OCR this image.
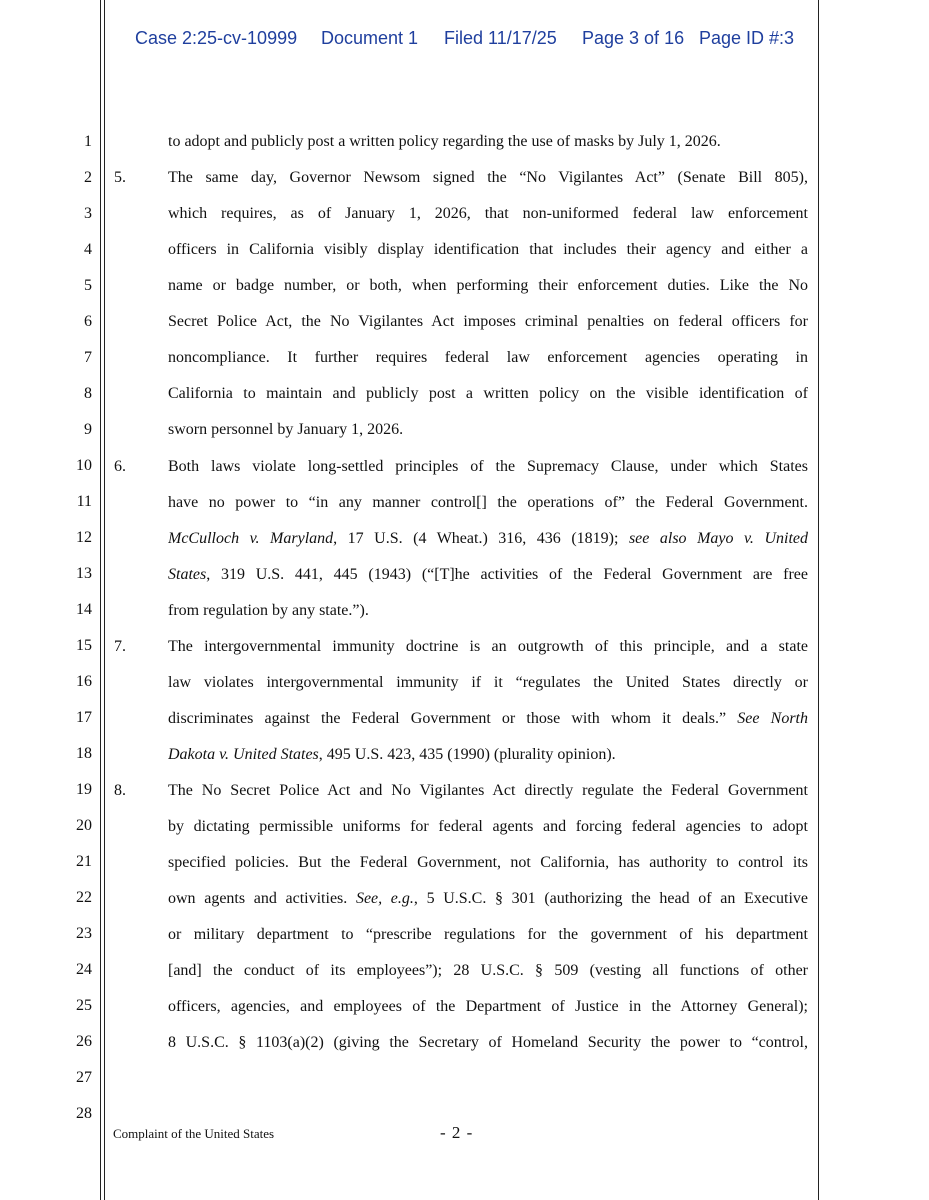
Case 2:25-cv-10999 Document 1 Filed 11/17/25 Page 3 of 16 Page ID #:3
1
2
3
4
5
6
7
8
9
10
11
12
13
14
15
16
17
18
19
20
21
22
23
24
25
26
27
28
5.
6.
7.
8.
to adopt and publicly post a written policy regarding the use of masks by July 1, 2026.
The same day, Governor Newsom signed the “No Vigilantes Act” (Senate Bill 805),
which requires, as of January 1, 2026, that non-uniformed federal law enforcement
officers in California visibly display identification that includes their agency and either a
name or badge number, or both, when performing their enforcement duties. Like the No
Secret Police Act, the No Vigilantes Act imposes criminal penalties on federal officers for
noncompliance. It further requires federal law enforcement agencies operating in
California to maintain and publicly post a written policy on the visible identification of
sworn personnel by January 1, 2026.
Both laws violate long-settled principles of the Supremacy Clause, under which States
have no power to “in any manner control[] the operations of” the Federal Government.
McCulloch v. Maryland, 17 U.S. (4 Wheat.) 316, 436 (1819); see also Mayo v. United
States, 319 U.S. 441, 445 (1943) (“[T]he activities of the Federal Government are free
from regulation by any state.”).
The intergovernmental immunity doctrine is an outgrowth of this principle, and a state
law violates intergovernmental immunity if it “regulates the United States directly or
discriminates against the Federal Government or those with whom it deals.” See North
Dakota v. United States, 495 U.S. 423, 435 (1990) (plurality opinion).
The No Secret Police Act and No Vigilantes Act directly regulate the Federal Government
by dictating permissible uniforms for federal agents and forcing federal agencies to adopt
specified policies. But the Federal Government, not California, has authority to control its
own agents and activities. See, e.g., 5 U.S.C. § 301 (authorizing the head of an Executive
or military department to “prescribe regulations for the government of his department
[and] the conduct of its employees”); 28 U.S.C. § 509 (vesting all functions of other
officers, agencies, and employees of the Department of Justice in the Attorney General);
8 U.S.C. § 1103(a)(2) (giving the Secretary of Homeland Security the power to “control,
Complaint of the United States	- 2 -
